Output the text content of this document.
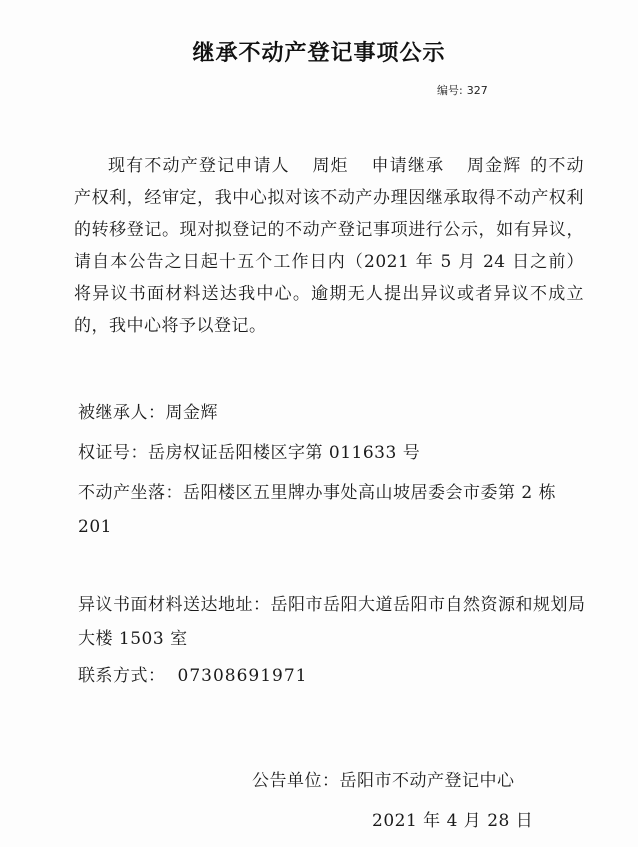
继承不动产登记事项公示
编号: 327
现有不动产登记申请人 周炬 申请继承 周金辉 的不动产权利，经审定，我中心拟对该不动产办理因继承取得不动产权利的转移登记。现对拟登记的不动产登记事项进行公示，如有异议，请自本公告之日起十五个工作日内（2021 年 5 月 24 日之前）将异议书面材料送达我中心。逾期无人提出异议或者异议不成立的，我中心将予以登记。
被继承人：周金辉
权证号：岳房权证岳阳楼区字第 011633 号
不动产坐落：岳阳楼区五里牌办事处高山坡居委会市委第 2 栋 201
异议书面材料送达地址：岳阳市岳阳大道岳阳市自然资源和规划局大楼 1503 室
联系方式： 07308691971
公告单位：岳阳市不动产登记中心
2021 年 4 月 28 日
